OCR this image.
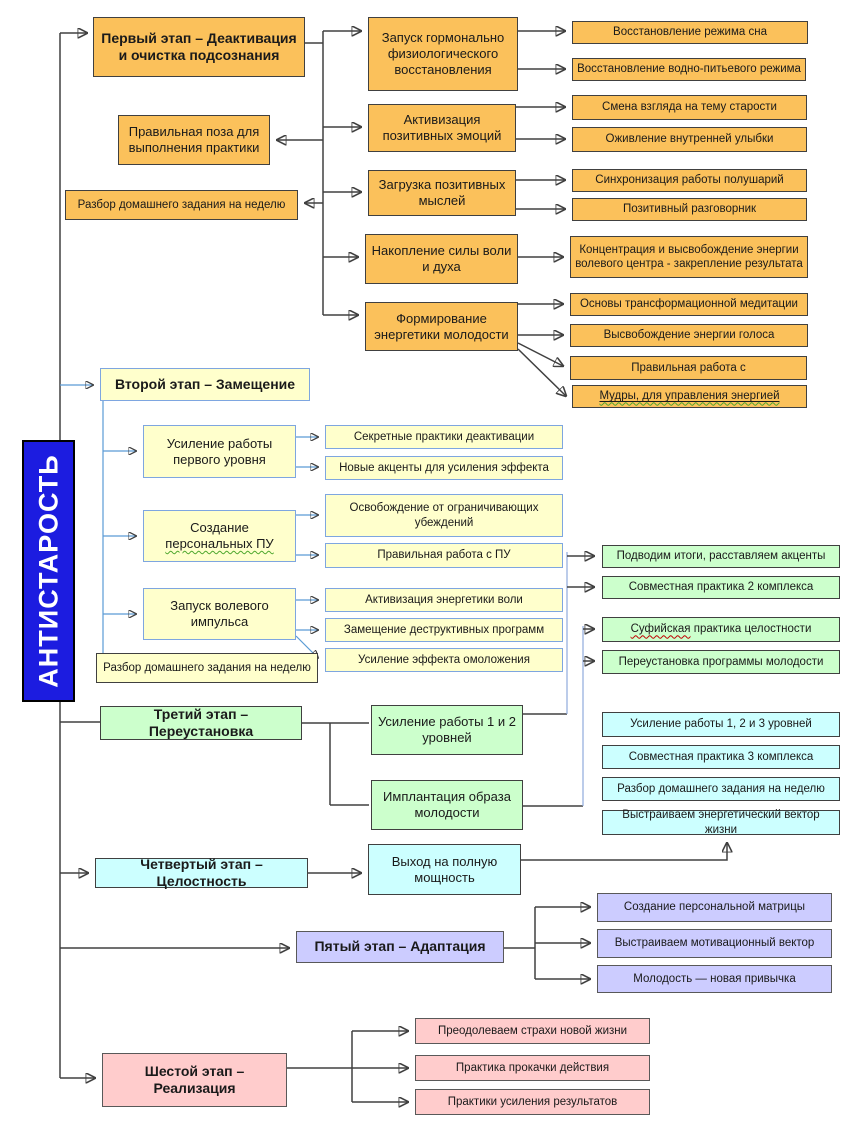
АНТИСТАРОСТЬ
Первый этап – Деактивация и очистка подсознания
Запуск гормонально физиологического восстановления
Активизация позитивных эмоций
Загрузка позитивных мыслей
Накопление силы воли и духа
Формирование энергетики молодости
Правильная поза для выполнения практики
Разбор домашнего задания на неделю
Восстановление режима сна
Восстановление водно-питьевого режима
Смена взгляда на тему старости
Оживление внутренней улыбки
Синхронизация работы полушарий
Позитивный разговорник
Концентрация и высвобождение энергии волевого центра - закрепление результата
Основы трансформационной медитации
Высвобождение энергии голоса
Правильная работа с
Мудры, для управления энергией
Второй этап – Замещение
Усиление работы первого уровня
Создание
персональных ПУ
Запуск волевого импульса
Разбор домашнего задания на неделю
Секретные практики деактивации
Новые акценты для усиления эффекта
Освобождение от ограничивающих убеждений
Правильная работа с ПУ
Активизация энергетики воли
Замещение деструктивных программ
Усиление эффекта омоложения
Третий этап – Переустановка
Усиление работы 1 и 2 уровней
Имплантация образа молодости
Подводим итоги, расставляем акценты
Совместная практика 2 комплекса
Суфийская практика целостности
Переустановка программы молодости
Четвертый этап – Целостность
Выход на полную мощность
Усиление работы 1, 2 и 3 уровней
Совместная практика 3 комплекса
Разбор домашнего задания на неделю
Выстраиваем энергетический вектор жизни
Пятый этап – Адаптация
Создание персональной матрицы
Выстраиваем мотивационный вектор
Молодость — новая привычка
Шестой этап – Реализация
Преодолеваем страхи новой жизни
Практика прокачки действия
Практики усиления результатов
